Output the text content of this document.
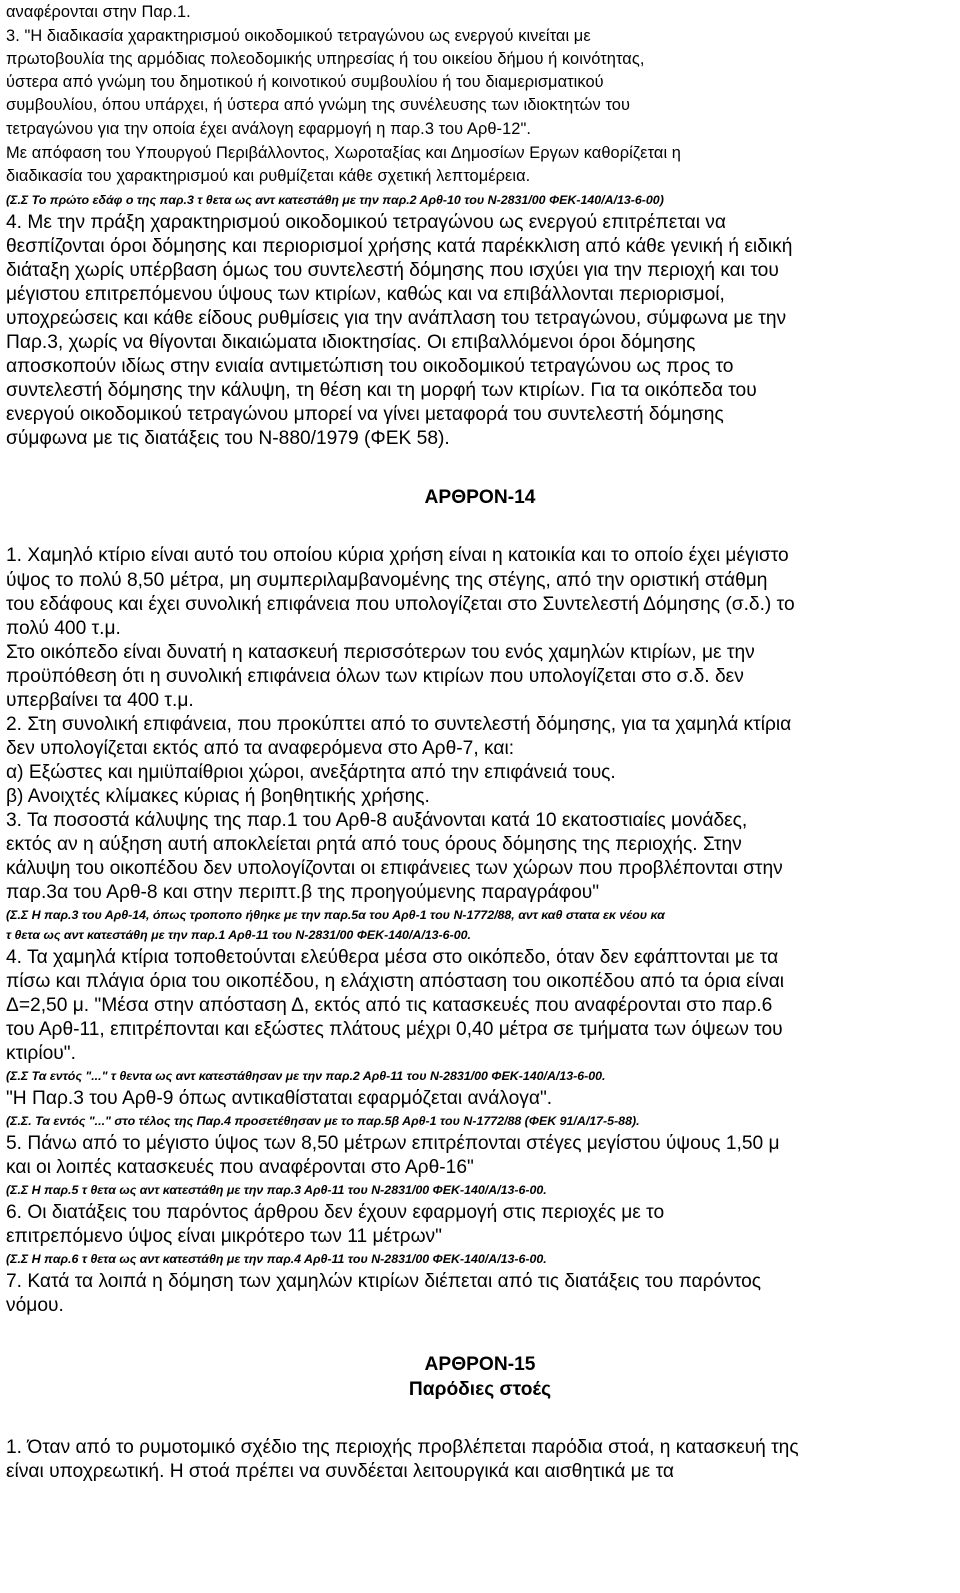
αναφέρονται στην Παρ.1.
3. "Η διαδικασία χαρακτηρισμού οικοδομικού τετραγώνου ως ενεργού κινείται με
πρωτοβουλία της αρμόδιας πολεοδομικής υπηρεσίας ή του οικείου δήμου ή κοινότητας,
ύστερα από γνώμη του δημοτικού ή κοινοτικού συμβουλίου ή του διαμερισματικού
συμβουλίου, όπου υπάρχει, ή ύστερα από γνώμη της συνέλευσης των ιδιοκτητών του
τετραγώνου για την οποία έχει ανάλογη εφαρμογή η παρ.3 του Αρθ-12".
Με απόφαση του Υπουργού Περιβάλλοντος, Χωροταξίας και Δημοσίων Εργων καθορίζεται η
διαδικασία του χαρακτηρισμού και ρυθμίζεται κάθε σχετική λεπτομέρεια.
(Σ.Σ Το πρώτο εδάφ ο της παρ.3 τ θετα ως αντ κατεστάθη με την παρ.2 Αρθ-10 του Ν-2831/00 ΦΕΚ-140/Α/13-6-00)
4. Με την πράξη χαρακτηρισμού οικοδομικού τετραγώνου ως ενεργού επιτρέπεται να
θεσπίζονται όροι δόμησης και περιορισμοί χρήσης κατά παρέκκλιση από κάθε γενική ή ειδική
διάταξη χωρίς υπέρβαση όμως του συντελεστή δόμησης που ισχύει για την περιοχή και του
μέγιστου επιτρεπόμενου ύψους των κτιρίων, καθώς και να επιβάλλονται περιορισμοί,
υποχρεώσεις και κάθε είδους ρυθμίσεις για την ανάπλαση του τετραγώνου, σύμφωνα με την
Παρ.3, χωρίς να θίγονται δικαιώματα ιδιοκτησίας. Οι επιβαλλόμενοι όροι δόμησης
αποσκοπούν ιδίως στην ενιαία αντιμετώπιση του οικοδομικού τετραγώνου ως προς το
συντελεστή δόμησης την κάλυψη, τη θέση και τη μορφή των κτιρίων. Για τα οικόπεδα του
ενεργού οικοδομικού τετραγώνου μπορεί να γίνει μεταφορά του συντελεστή δόμησης
σύμφωνα με τις διατάξεις του Ν-880/1979 (ΦΕΚ 58).
ΑΡΘΡΟΝ-14
1. Χαμηλό κτίριο είναι αυτό του οποίου κύρια χρήση είναι η κατοικία και το οποίο έχει μέγιστο
ύψος το πολύ 8,50 μέτρα, μη συμπεριλαμβανομένης της στέγης, από την οριστική στάθμη
του εδάφους και έχει συνολική επιφάνεια που υπολογίζεται στο Συντελεστή Δόμησης (σ.δ.) το
πολύ 400 τ.μ.
Στο οικόπεδο είναι δυνατή η κατασκευή περισσότερων του ενός χαμηλών κτιρίων, με την
προϋπόθεση ότι η συνολική επιφάνεια όλων των κτιρίων που υπολογίζεται στο σ.δ. δεν
υπερβαίνει τα 400 τ.μ.
2. Στη συνολική επιφάνεια, που προκύπτει από το συντελεστή δόμησης, για τα χαμηλά κτίρια
δεν υπολογίζεται εκτός από τα αναφερόμενα στο Αρθ-7, και:
α) Εξώστες και ημιϋπαίθριοι χώροι, ανεξάρτητα από την επιφάνειά τους.
β) Ανοιχτές κλίμακες κύριας ή βοηθητικής χρήσης.
3. Τα ποσοστά κάλυψης της παρ.1 του Αρθ-8 αυξάνονται κατά 10 εκατοστιαίες μονάδες,
εκτός αν η αύξηση αυτή αποκλείεται ρητά από τους όρους δόμησης της περιοχής. Στην
κάλυψη του οικοπέδου δεν υπολογίζονται οι επιφάνειες των χώρων που προβλέπονται στην
παρ.3α του Αρθ-8 και στην περιπτ.β της προηγούμενης παραγράφου"
(Σ.Σ Η παρ.3 του Αρθ-14, όπως τροποπο ήθηκε με την παρ.5α του Αρθ-1 του Ν-1772/88, αντ καθ στατα εκ νέου κα
τ θετα ως αντ κατεστάθη με την παρ.1 Αρθ-11 του Ν-2831/00 ΦΕΚ-140/Α/13-6-00.
4. Τα χαμηλά κτίρια τοποθετούνται ελεύθερα μέσα στο οικόπεδο, όταν δεν εφάπτονται με τα
πίσω και πλάγια όρια του οικοπέδου, η ελάχιστη απόσταση του οικοπέδου από τα όρια είναι
Δ=2,50 μ. "Μέσα στην απόσταση Δ, εκτός από τις κατασκευές που αναφέρονται στο παρ.6
του Αρθ-11, επιτρέπονται και εξώστες πλάτους μέχρι 0,40 μέτρα σε τμήματα των όψεων του
κτιρίου".
(Σ.Σ Τα εντός "..." τ θεντα ως αντ κατεστάθησαν με την παρ.2 Αρθ-11 του Ν-2831/00 ΦΕΚ-140/Α/13-6-00.
"Η Παρ.3 του Αρθ-9 όπως αντικαθίσταται εφαρμόζεται ανάλογα".
(Σ.Σ. Τα εντός "..." στο τέλος της Παρ.4 προσετέθησαν με το παρ.5β Αρθ-1 του Ν-1772/88 (ΦΕΚ 91/Α/17-5-88).
5. Πάνω από το μέγιστο ύψος των 8,50 μέτρων επιτρέπονται στέγες μεγίστου ύψους 1,50 μ
και οι λοιπές κατασκευές που αναφέρονται στο Αρθ-16"
(Σ.Σ Η παρ.5 τ θετα ως αντ κατεστάθη με την παρ.3 Αρθ-11 του Ν-2831/00 ΦΕΚ-140/Α/13-6-00.
6. Οι διατάξεις του παρόντος άρθρου δεν έχουν εφαρμογή στις περιοχές με το
επιτρεπόμενο ύψος είναι μικρότερο των 11 μέτρων"
(Σ.Σ Η παρ.6 τ θετα ως αντ κατεστάθη με την παρ.4 Αρθ-11 του Ν-2831/00 ΦΕΚ-140/Α/13-6-00.
7. Κατά τα λοιπά η δόμηση των χαμηλών κτιρίων διέπεται από τις διατάξεις του παρόντος
νόμου.
ΑΡΘΡΟΝ-15
Παρόδιες στοές
1. Όταν από το ρυμοτομικό σχέδιο της περιοχής προβλέπεται παρόδια στοά, η κατασκευή της
είναι υποχρεωτική. Η στοά πρέπει να συνδέεται λειτουργικά και αισθητικά με τα
